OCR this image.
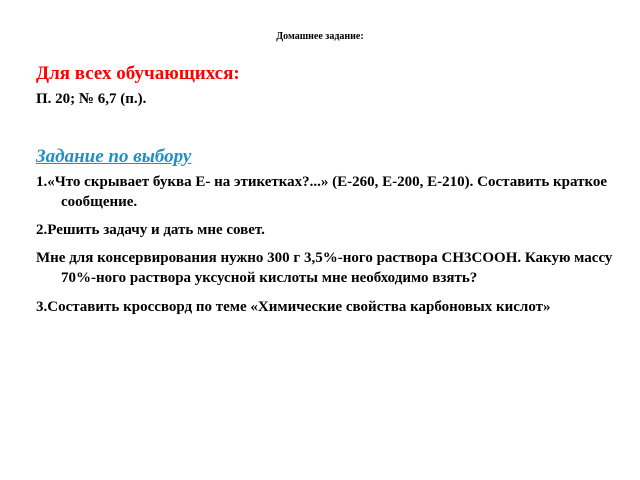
Домашнее задание:
Для всех обучающихся:
П. 20; № 6,7 (п.).
Задание по выбору
1.«Что скрывает буква Е- на этикетках?...» (Е-260, Е-200, Е-210). Составить краткое сообщение.
2.Решить задачу и дать мне совет.
Мне для консервирования нужно 300 г 3,5%-ного раствора СН3СООН. Какую массу 70%-ного раствора уксусной кислоты мне необходимо взять?
3.Составить кроссворд по теме «Химические свойства карбоновых кислот»
